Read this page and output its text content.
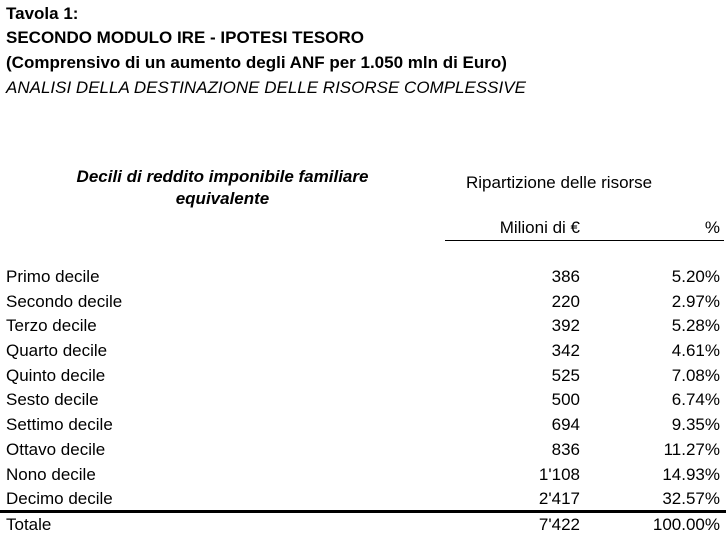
Tavola 1:
SECONDO MODULO IRE - IPOTESI TESORO
(Comprensivo di un aumento degli ANF per 1.050 mln di Euro)
ANALISI DELLA DESTINAZIONE DELLE RISORSE COMPLESSIVE
Decili di reddito imponibile familiare
equivalente
Ripartizione delle risorse
Milioni di €	%
Primo decile	386	5.20%
Secondo decile	220	2.97%
Terzo decile	392	5.28%
Quarto decile	342	4.61%
Quinto decile	525	7.08%
Sesto decile	500	6.74%
Settimo decile	694	9.35%
Ottavo decile	836	11.27%
Nono decile	1'108	14.93%
Decimo decile	2'417	32.57%
Totale	7'422	100.00%
